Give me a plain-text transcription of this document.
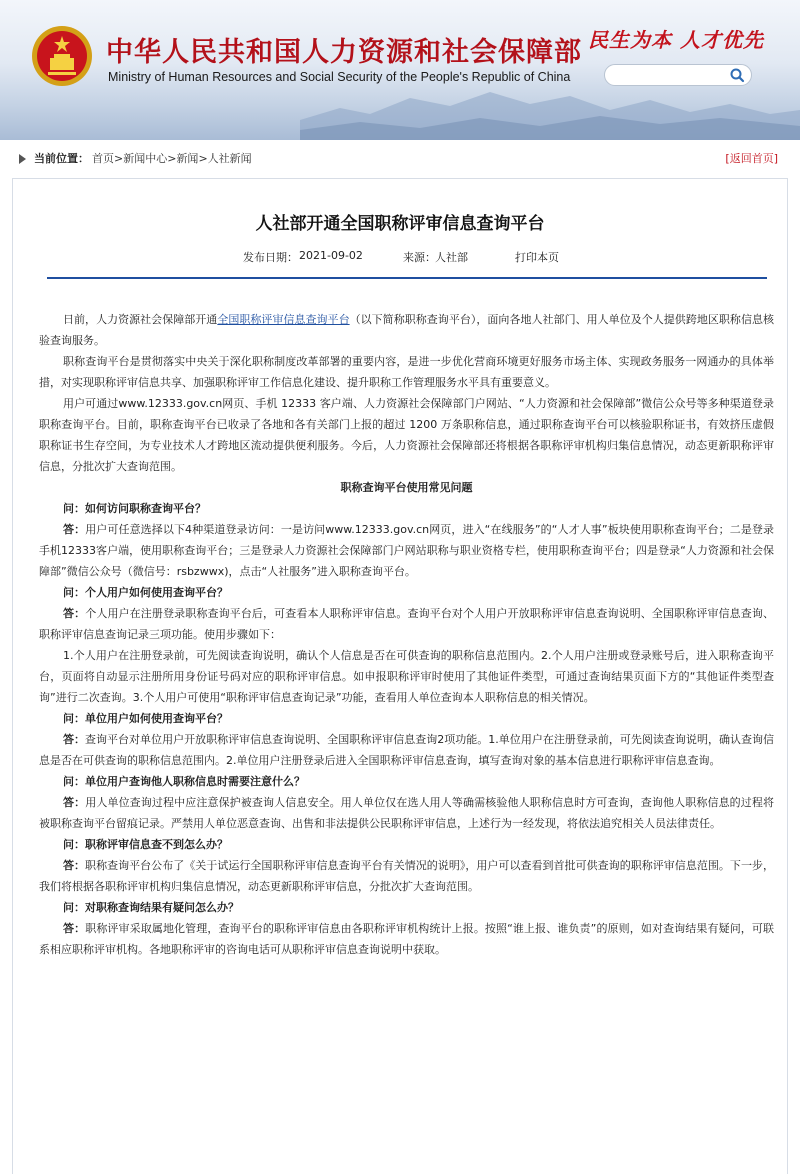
中华人民共和国人力资源和社会保障部
Ministry of Human Resources and Social Security of the People's Republic of China
民生为本 人才优先
当前位置： 首页>新闻中心>新闻>人社新闻	[返回首页]
人社部开通全国职称评审信息查询平台
发布日期： 2021-09-02	来源： 人社部	打印本页

日前，人力资源社会保障部开通全国职称评审信息查询平台（以下简称职称查询平台），面向各地人社部门、用人单位及个人提供跨地区职称信息核验查询服务。

职称查询平台是贯彻落实中央关于深化职称制度改革部署的重要内容，是进一步优化营商环境更好服务市场主体、实现政务服务一网通办的具体举措，对实现职称评审信息共享、加强职称评审工作信息化建设、提升职称工作管理服务水平具有重要意义。

用户可通过www.12333.gov.cn网页、手机 12333 客户端、人力资源社会保障部门户网站、“人力资源和社会保障部”微信公众号等多种渠道登录职称查询平台。目前，职称查询平台已收录了各地和各有关部门上报的超过 1200 万条职称信息，通过职称查询平台可以核验职称证书，有效挤压虚假职称证书生存空间，为专业技术人才跨地区流动提供便利服务。今后，人力资源社会保障部还将根据各职称评审机构归集信息情况，动态更新职称评审信息，分批次扩大查询范围。

职称查询平台使用常见问题

问：如何访问职称查询平台？

答：用户可任意选择以下4种渠道登录访问：一是访问www.12333.gov.cn网页，进入“在线服务”的“人才人事”板块使用职称查询平台；二是登录手机12333客户端，使用职称查询平台；三是登录人力资源社会保障部门户网站职称与职业资格专栏，使用职称查询平台；四是登录“人力资源和社会保障部”微信公众号（微信号：rsbzwwx)，点击“人社服务”进入职称查询平台。

问：个人用户如何使用查询平台？

答：个人用户在注册登录职称查询平台后，可查看本人职称评审信息。查询平台对个人用户开放职称评审信息查询说明、全国职称评审信息查询、职称评审信息查询记录三项功能。使用步骤如下：

1.个人用户在注册登录前，可先阅读查询说明，确认个人信息是否在可供查询的职称信息范围内。2.个人用户注册或登录账号后，进入职称查询平台，页面将自动显示注册所用身份证号码对应的职称评审信息。如申报职称评审时使用了其他证件类型，可通过查询结果页面下方的“其他证件类型查询”进行二次查询。3.个人用户可使用“职称评审信息查询记录”功能，查看用人单位查询本人职称信息的相关情况。

问：单位用户如何使用查询平台？

答：查询平台对单位用户开放职称评审信息查询说明、全国职称评审信息查询2项功能。1.单位用户在注册登录前，可先阅读查询说明，确认查询信息是否在可供查询的职称信息范围内。2.单位用户注册登录后进入全国职称评审信息查询，填写查询对象的基本信息进行职称评审信息查询。

问：单位用户查询他人职称信息时需要注意什么？

答：用人单位查询过程中应注意保护被查询人信息安全。用人单位仅在选人用人等确需核验他人职称信息时方可查询，查询他人职称信息的过程将被职称查询平台留痕记录。严禁用人单位恶意查询、出售和非法提供公民职称评审信息，上述行为一经发现，将依法追究相关人员法律责任。

问：职称评审信息查不到怎么办？

答：职称查询平台公布了《关于试运行全国职称评审信息查询平台有关情况的说明》，用户可以查看到首批可供查询的职称评审信息范围。下一步，我们将根据各职称评审机构归集信息情况，动态更新职称评审信息，分批次扩大查询范围。

问：对职称查询结果有疑问怎么办？

答：职称评审采取属地化管理，查询平台的职称评审信息由各职称评审机构统计上报。按照“谁上报、谁负责”的原则，如对查询结果有疑问，可联系相应职称评审机构。各地职称评审的咨询电话可从职称评审信息查询说明中获取。
